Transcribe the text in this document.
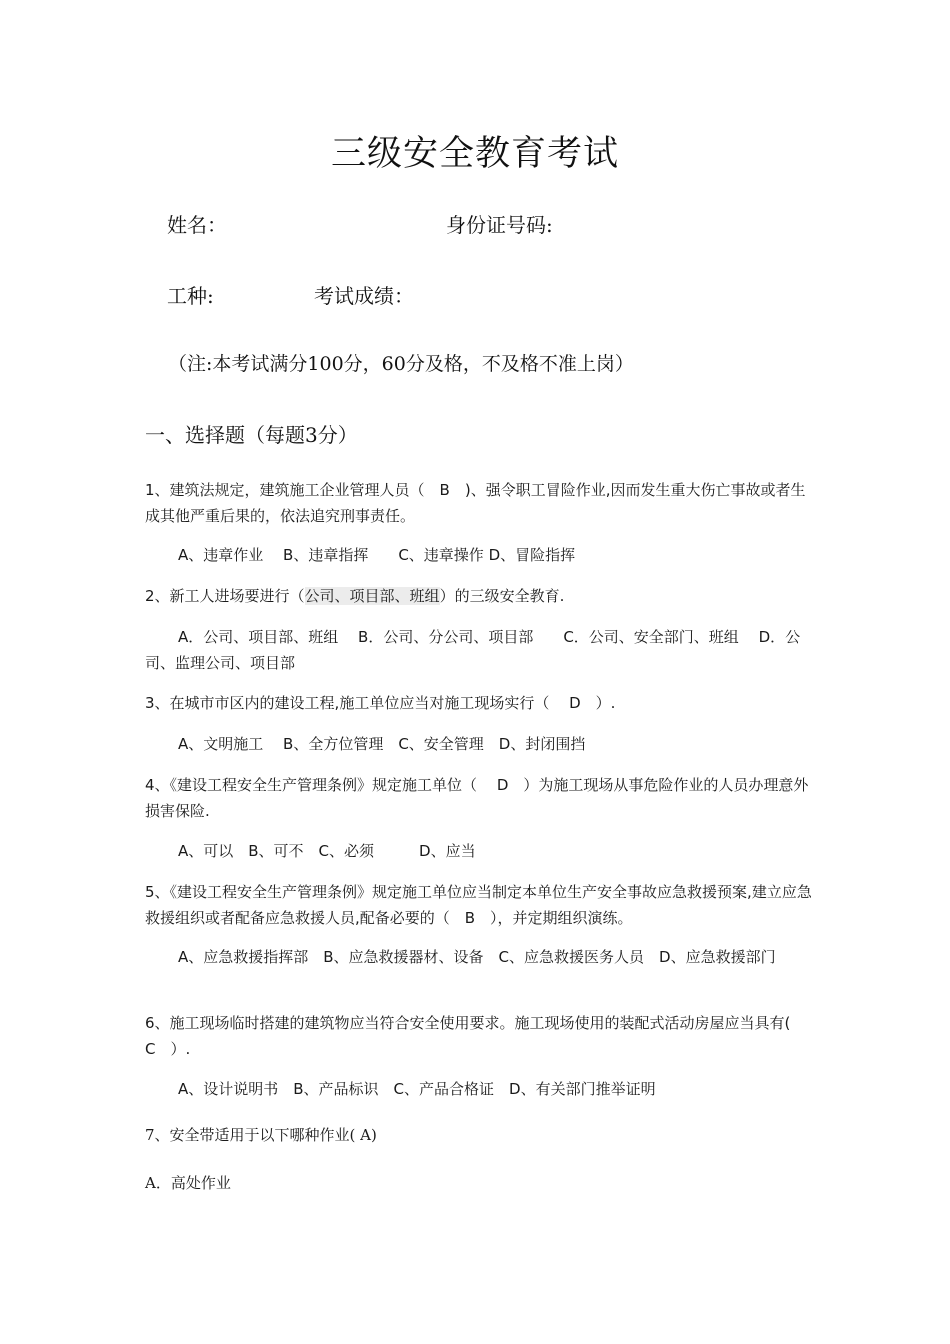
三级安全教育考试
姓名：	身份证号码:
工种:	考试成绩：
（注:本考试满分100分，60分及格，不及格不准上岗）
一、选择题（每题3分）
1、建筑法规定，建筑施工企业管理人员（　B　)、强令职工冒险作业,因而发生重大伤亡事故或者生成其他严重后果的，依法追究刑事责任。
A、违章作业　 B、违章指挥　　C、违章操作 D、冒险指挥
2、新工人进场要进行（公司、项目部、班组）的三级安全教育.
A．公司、项目部、班组　 B．公司、分公司、项目部　　C．公司、安全部门、班组　 D．公司、监理公司、项目部
3、在城市市区内的建设工程,施工单位应当对施工现场实行（　 D　）.
A、文明施工　 B、全方位管理　C、安全管理　D、封闭围挡
4、《建设工程安全生产管理条例》规定施工单位（　 D　）为施工现场从事危险作业的人员办理意外损害保险.
A、可以　B、可不　C、必须　　　D、应当
5、《建设工程安全生产管理条例》规定施工单位应当制定本单位生产安全事故应急救援预案,建立应急救援组织或者配备应急救援人员,配备必要的（　B　），并定期组织演练。
A、应急救援指挥部　B、应急救援器材、设备　C、应急救援医务人员　D、应急救援部门
6、施工现场临时搭建的建筑物应当符合安全使用要求。施工现场使用的装配式活动房屋应当具有(　C　）.
A、设计说明书　B、产品标识　C、产品合格证　D、有关部门推举证明
7、安全带适用于以下哪种作业( A)
A．高处作业
